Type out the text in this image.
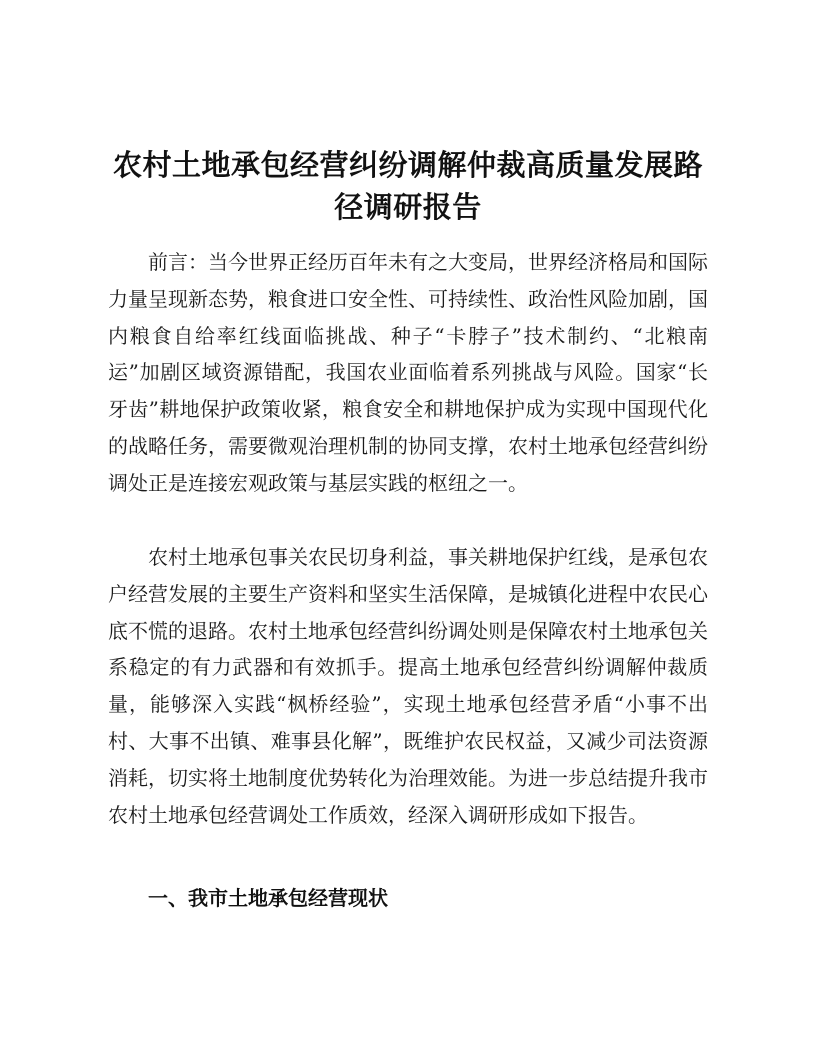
农村土地承包经营纠纷调解仲裁高质量发展路径调研报告

前言：当今世界正经历百年未有之大变局，世界经济格局和国际力量呈现新态势，粮食进口安全性、可持续性、政治性风险加剧，国内粮食自给率红线面临挑战、种子“卡脖子”技术制约、“北粮南运”加剧区域资源错配，我国农业面临着系列挑战与风险。国家“长牙齿”耕地保护政策收紧，粮食安全和耕地保护成为实现中国现代化的战略任务，需要微观治理机制的协同支撑，农村土地承包经营纠纷调处正是连接宏观政策与基层实践的枢纽之一。

农村土地承包事关农民切身利益，事关耕地保护红线，是承包农户经营发展的主要生产资料和坚实生活保障，是城镇化进程中农民心底不慌的退路。农村土地承包经营纠纷调处则是保障农村土地承包关系稳定的有力武器和有效抓手。提高土地承包经营纠纷调解仲裁质量，能够深入实践“枫桥经验”，实现土地承包经营矛盾“小事不出村、大事不出镇、难事县化解”，既维护农民权益，又减少司法资源消耗，切实将土地制度优势转化为治理效能。为进一步总结提升我市农村土地承包经营调处工作质效，经深入调研形成如下报告。

一、我市土地承包经营现状
